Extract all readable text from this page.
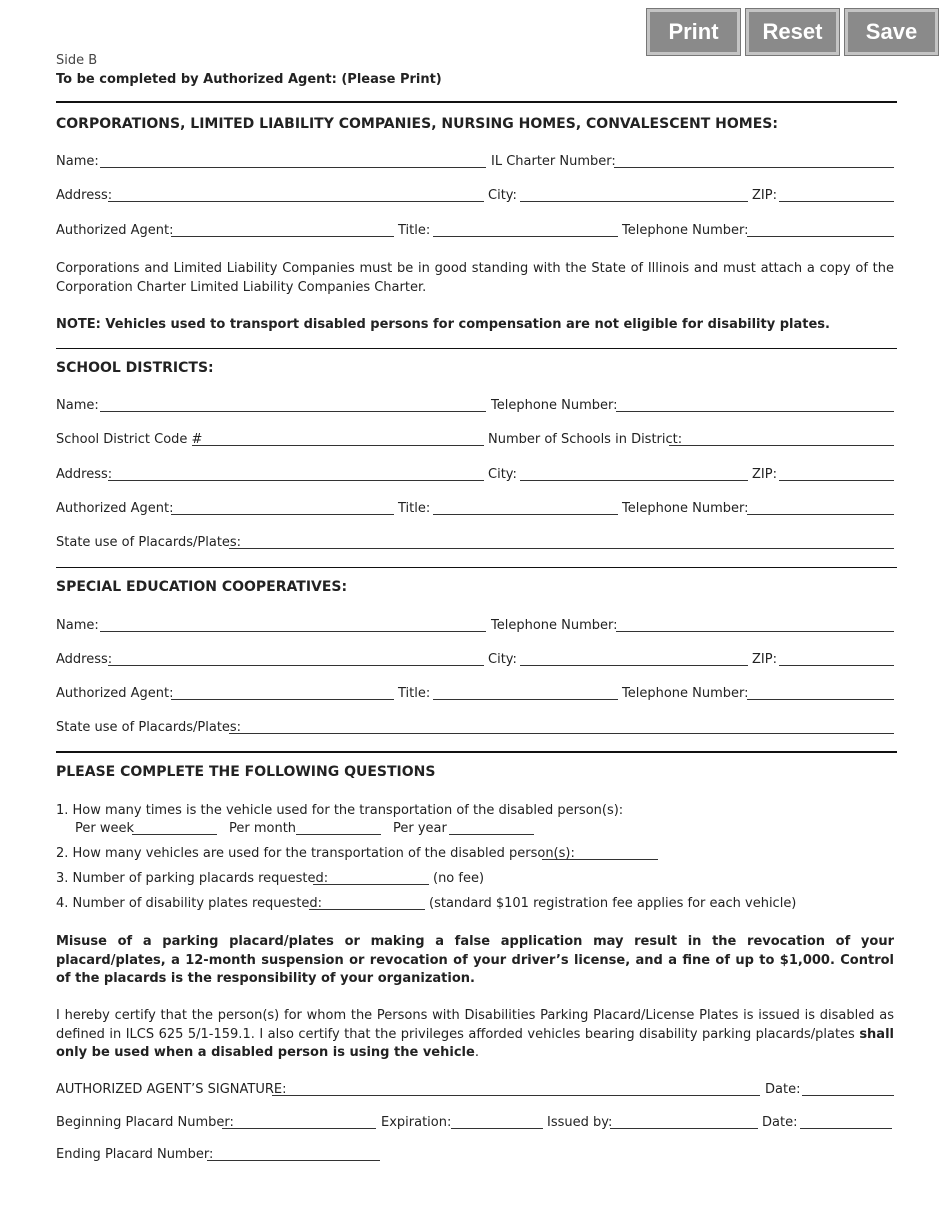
Print	Reset	Save
Side B
To be completed by Authorized Agent: (Please Print)
CORPORATIONS, LIMITED LIABILITY COMPANIES, NURSING HOMES, CONVALESCENT HOMES:
Name:	IL Charter Number:
Address:	City:	ZIP:
Authorized Agent:	Title:	Telephone Number:
Corporations and Limited Liability Companies must be in good standing with the State of Illinois and must attach a copy of the Corporation Charter Limited Liability Companies Charter.
NOTE: Vehicles used to transport disabled persons for compensation are not eligible for disability plates.
SCHOOL DISTRICTS:
Name:	Telephone Number:
School District Code #	Number of Schools in District:
Address:	City:	ZIP:
Authorized Agent:	Title:	Telephone Number:
State use of Placards/Plates:
SPECIAL EDUCATION COOPERATIVES:
Name:	Telephone Number:
Address:	City:	ZIP:
Authorized Agent:	Title:	Telephone Number:
State use of Placards/Plates:
PLEASE COMPLETE THE FOLLOWING QUESTIONS
1. How many times is the vehicle used for the transportation of the disabled person(s):
Per week	Per month	Per year
2. How many vehicles are used for the transportation of the disabled person(s):
3. Number of parking placards requested:	(no fee)
4. Number of disability plates requested:	(standard $101 registration fee applies for each vehicle)
Misuse of a parking placard/plates or making a false application may result in the revocation of your placard/plates, a 12-month suspension or revocation of your driver’s license, and a fine of up to $1,000. Control of the placards is the responsibility of your organization.
I hereby certify that the person(s) for whom the Persons with Disabilities Parking Placard/License Plates is issued is disabled as defined in ILCS 625 5/1-159.1. I also certify that the privileges afforded vehicles bearing disability parking placards/plates shall only be used when a disabled person is using the vehicle.
AUTHORIZED AGENT’S SIGNATURE:	Date:
Beginning Placard Number:	Expiration:	Issued by:	Date:
Ending Placard Number:
